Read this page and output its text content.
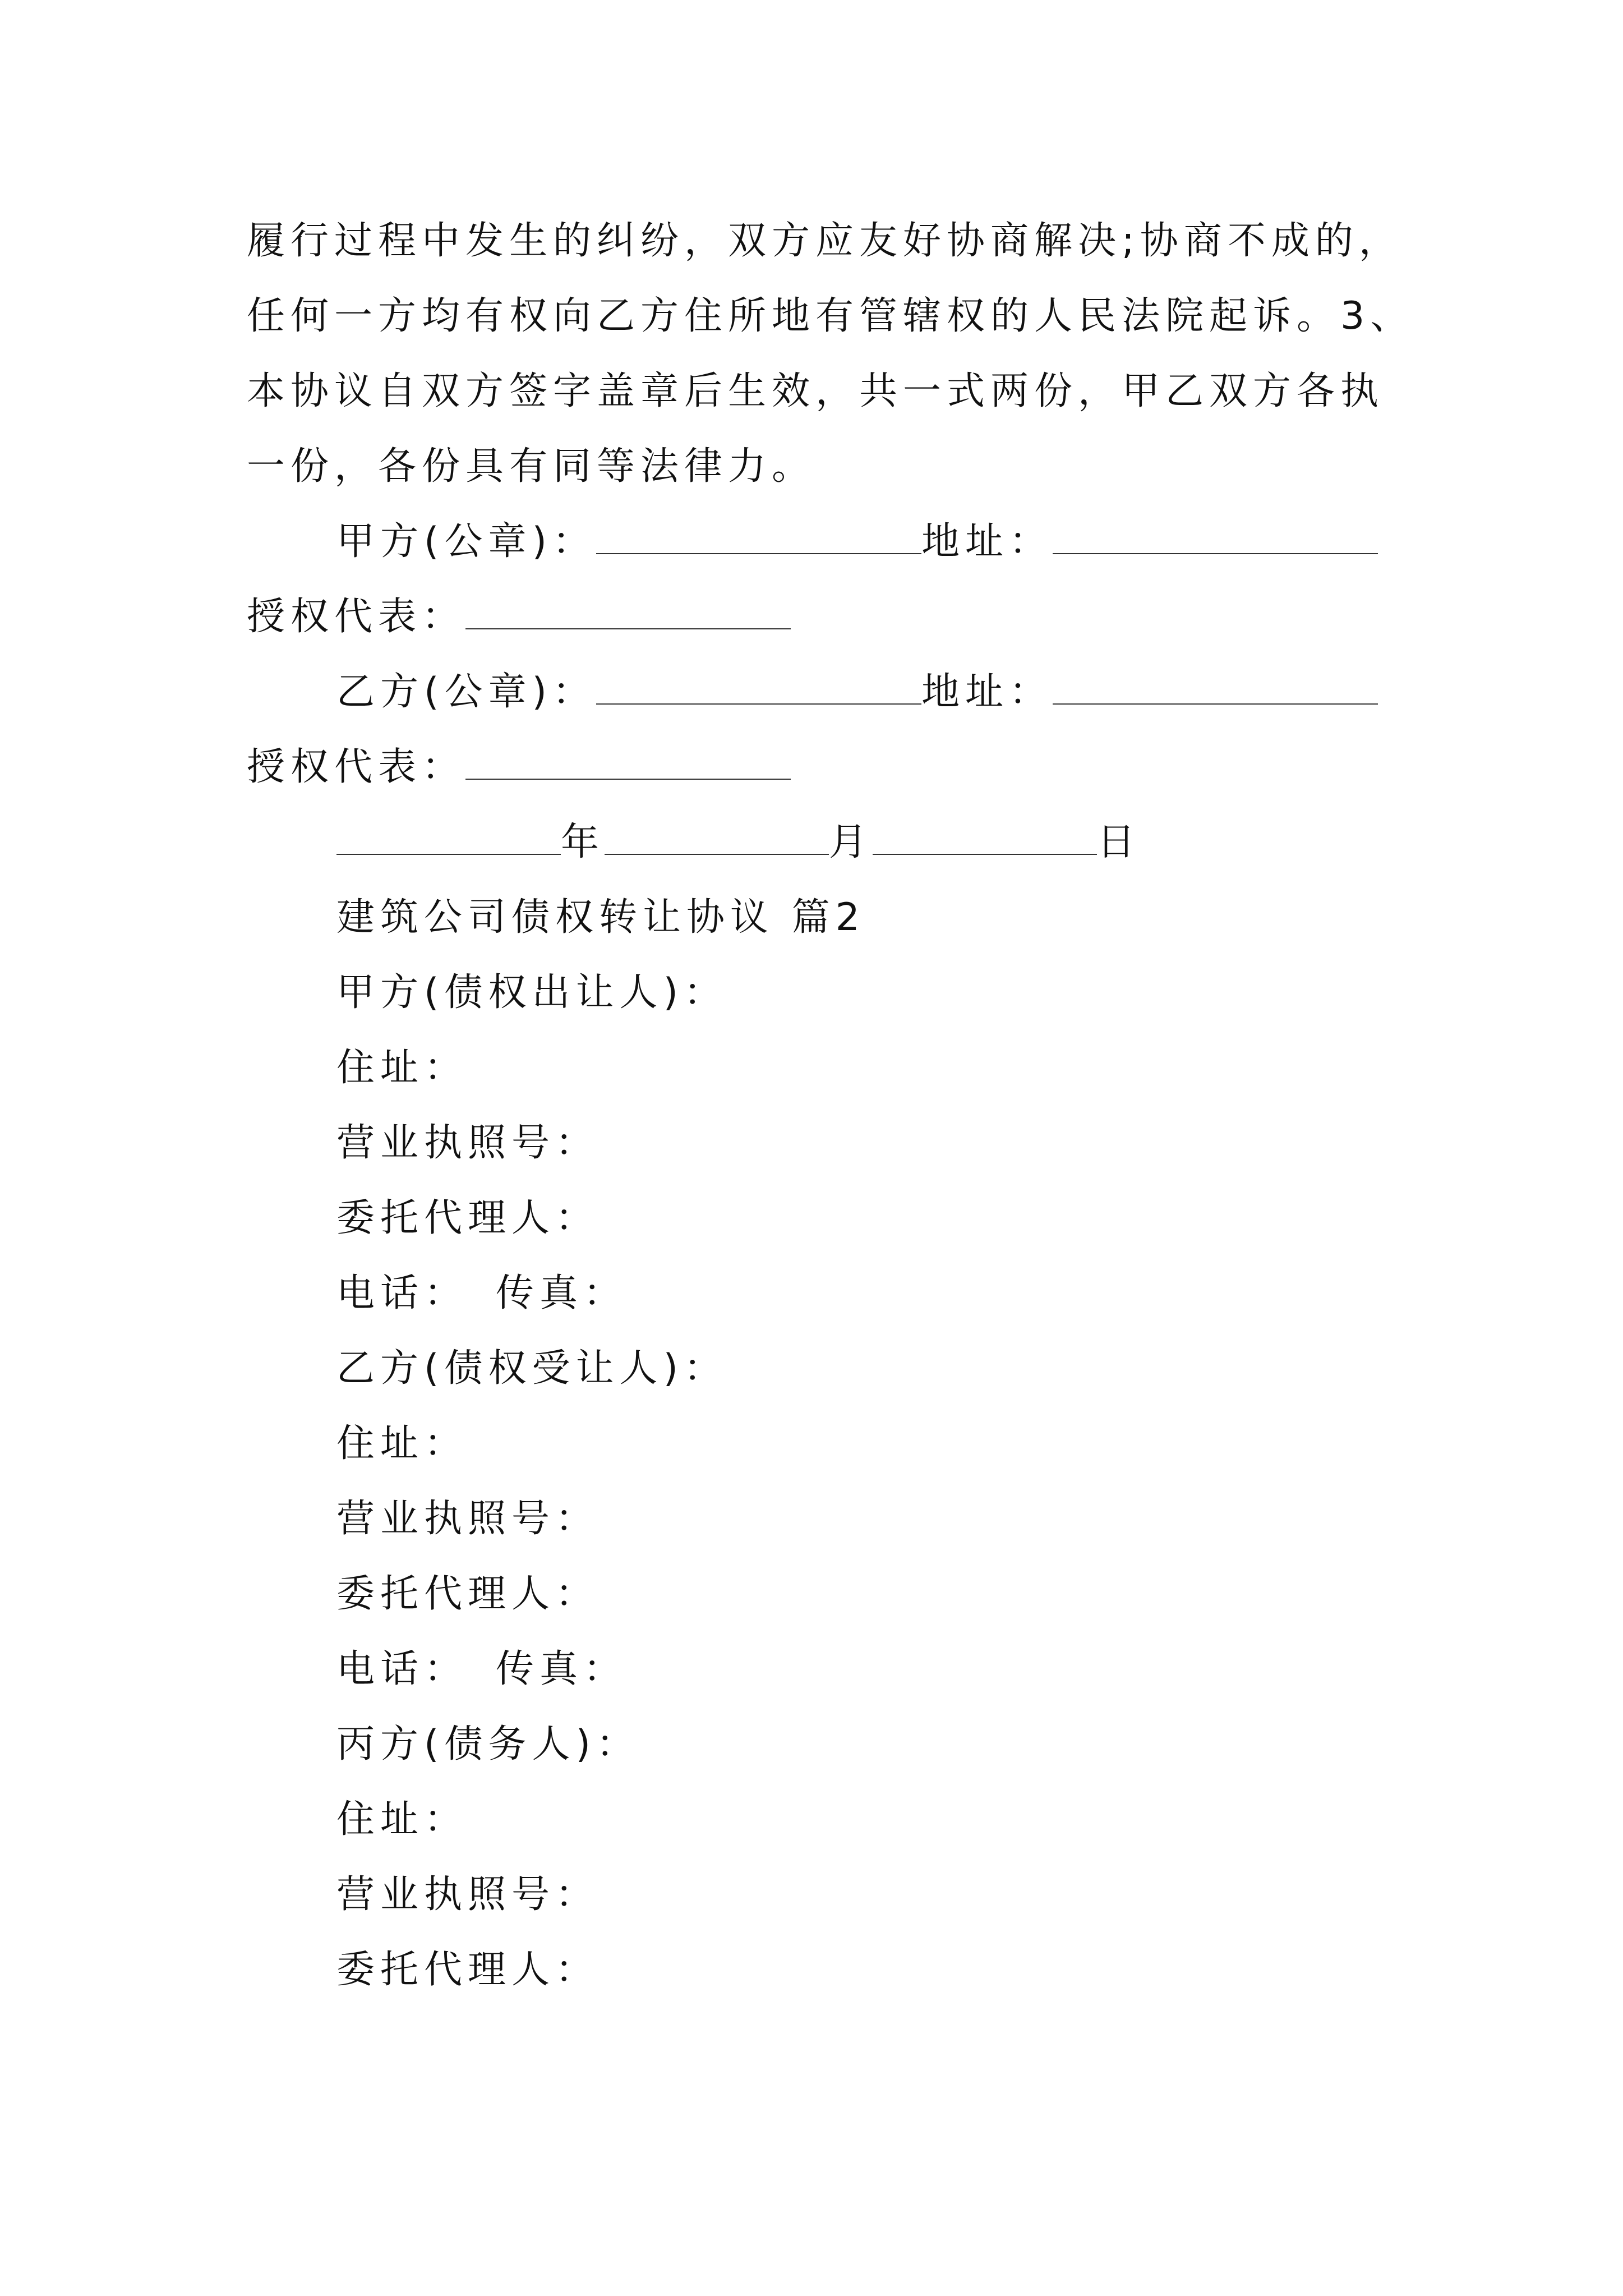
履行过程中发生的纠纷，双方应友好协商解决;协商不成的，
任何一方均有权向乙方住所地有管辖权的人民法院起诉。3、
本协议自双方签字盖章后生效，共一式两份，甲乙双方各执
一份，各份具有同等法律力。
甲方(公章)：	地址：
授权代表：
乙方(公章)：	地址：
授权代表：
年	月	日
建筑公司债权转让协议 篇2
甲方(债权出让人)：
住址：
营业执照号：
委托代理人：
电话： 传真：
乙方(债权受让人)：
住址：
营业执照号：
委托代理人：
电话： 传真：
丙方(债务人)：
住址：
营业执照号：
委托代理人：
